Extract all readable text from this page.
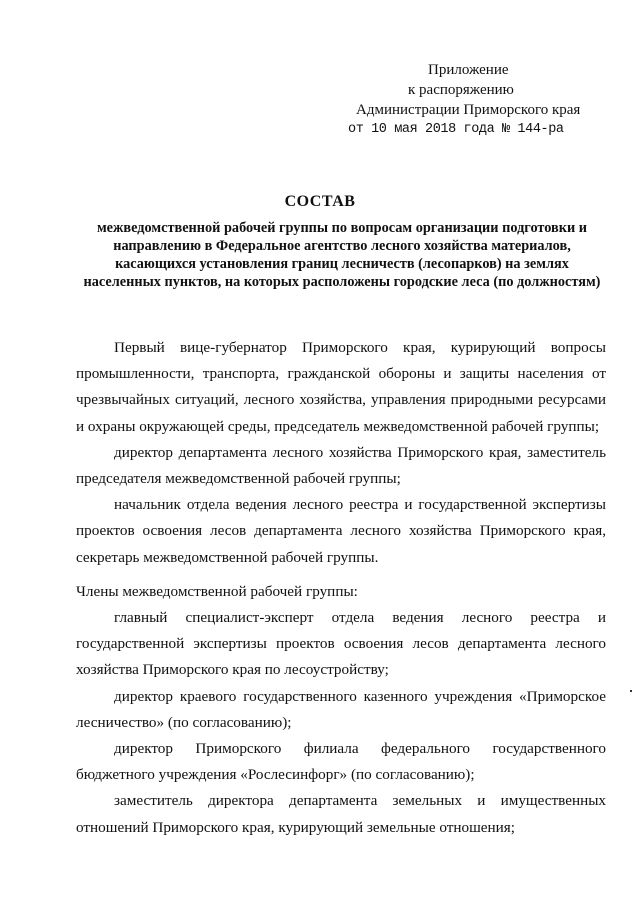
Приложение
к распоряжению
Администрации Приморского края
от 10 мая 2018 года № 144-ра
СОСТАВ
межведомственной рабочей группы по вопросам организации подготовки и направлению в Федеральное агентство лесного хозяйства материалов, касающихся установления границ лесничеств (лесопарков) на землях населенных пунктов, на которых расположены городские леса (по должностям)

Первый вице-губернатор Приморского края, курирующий вопросы промышленности, транспорта, гражданской обороны и защиты населения от чрезвычайных ситуаций, лесного хозяйства, управления природными ресурсами и охраны окружающей среды, председатель межведомственной рабочей группы;

директор департамента лесного хозяйства Приморского края, заместитель председателя межведомственной рабочей группы;

начальник отдела ведения лесного реестра и государственной экспертизы проектов освоения лесов департамента лесного хозяйства Приморского края, секретарь межведомственной рабочей группы.

Члены межведомственной рабочей группы:

главный специалист-эксперт отдела ведения лесного реестра и государственной экспертизы проектов освоения лесов департамента лесного хозяйства Приморского края по лесоустройству;

директор краевого государственного казенного учреждения «Приморское лесничество» (по согласованию);

директор Приморского филиала федерального государственного бюджетного учреждения «Рослесинфорг» (по согласованию);

заместитель директора департамента земельных и имущественных отношений Приморского края, курирующий земельные отношения;
